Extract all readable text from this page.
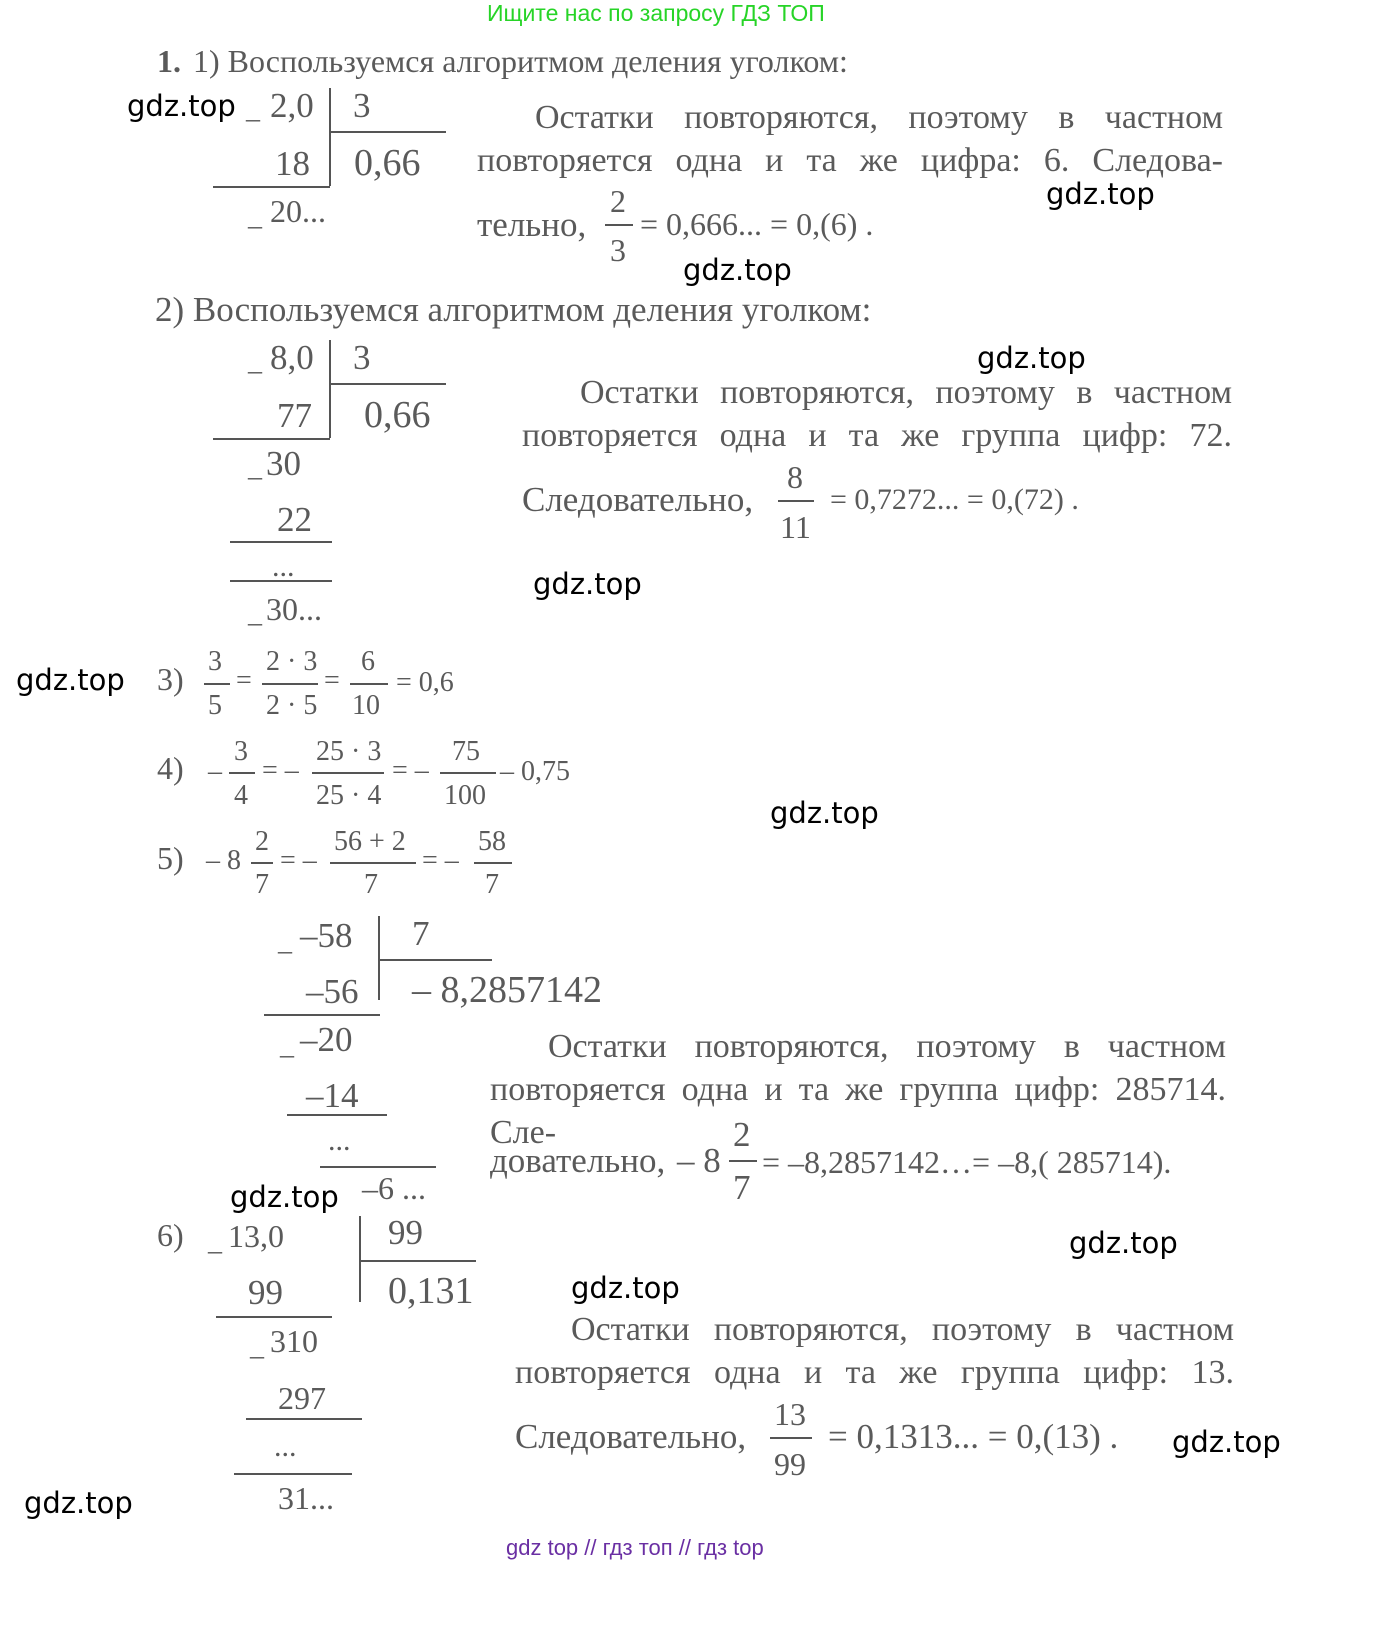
Ищите нас по запросу ГДЗ ТОП
gdz top // гдз топ // гдз top
gdz.top
gdz.top
gdz.top
gdz.top
gdz.top
gdz.top
gdz.top
gdz.top
gdz.top
gdz.top
gdz.top
gdz.top
1. 1) Воспользуемся алгоритмом деления уголком:
_ 2,0 3
18 0,66
_ 20...
Остатки повторяются, поэтому в частном повторяется одна и та же цифра: 6. Следова-
тельно,
2
3
= 0,666... = 0,(6) .
2) Воспользуемся алгоритмом деления уголком:
_ 8,0 3
77 0,66
_ 30
22
...
_ 30...
Остатки повторяются, поэтому в частном повторяется одна и та же группа цифр: 72.
Следовательно,
8
11
= 0,7272... = 0,(72) .
3) 3
5
=
2 · 3
2 · 5
=
6
10
= 0,6
4) –
3
4
= –
25 · 3
25 · 4
= –
75
100
– 0,75
5) – 8
2
7
= –
56 + 2
7
= –
58
7
_ –58 7
–56 – 8,2857142
_ –20
–14
...
–6 ...
Остатки повторяются, поэтому в частном повторяется одна и та же группа цифр: 285714. Сле-
довательно, – 8
2
7
= –8,2857142…= –8,( 285714).
6) _ 13,0	99
99	0,131
_ 310
297
...
31...
Остатки повторяются, поэтому в частном повторяется одна и та же группа цифр: 13.
Следовательно,
13
99
= 0,1313... = 0,(13) .
